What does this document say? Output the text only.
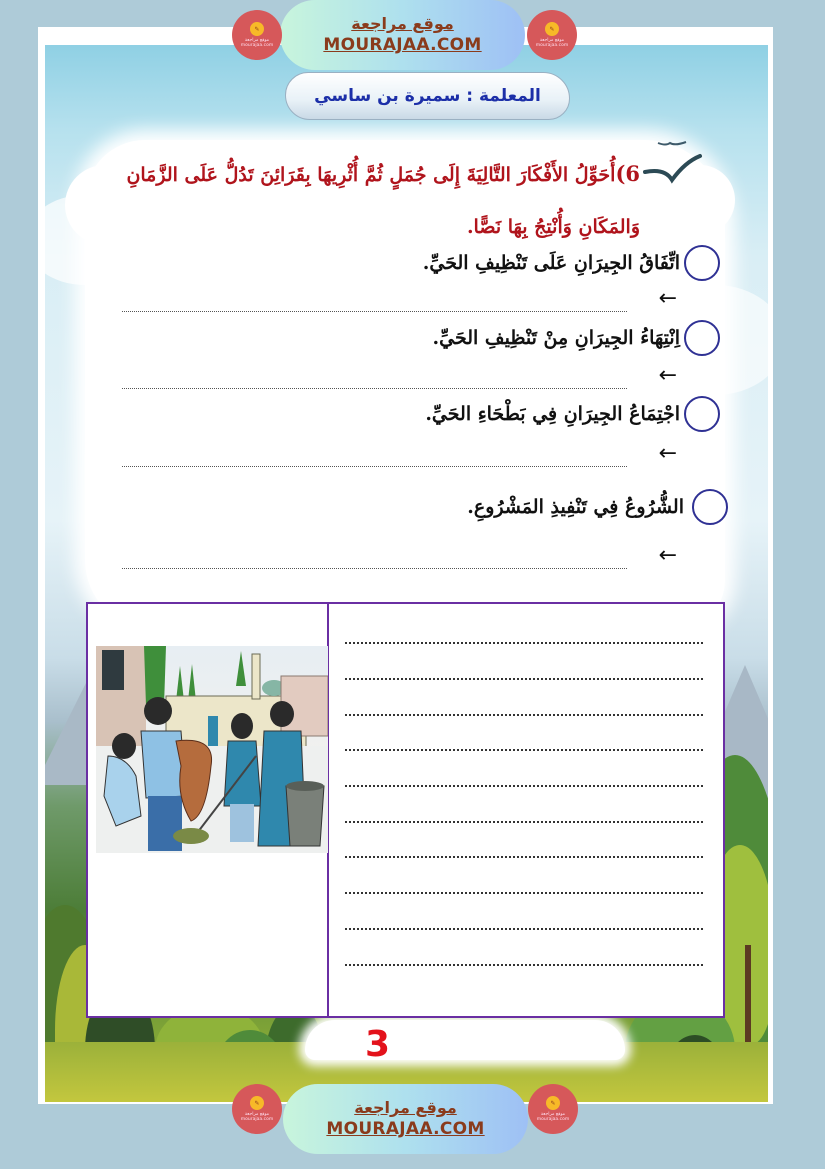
موقع مراجعة
MOURAJAA.COM
✎
موقع مراجعة
mourajaa.com
✎
موقع مراجعة
mourajaa.com
المعلمة : سميرة بن ساسي
6)أُحَوِّلُ الأَفْكَارَ التَّالِيَةَ إِلَى جُمَلٍ ثُمَّ أُثْرِيهَا بِقَرَائِنَ تَدُلُّ عَلَى الزَّمَانِ وَالمَكَانِ وَأُنْتِجُ بِهَا نَصًّا.
اتِّفَاقُ الجِيرَانِ عَلَى تَنْظِيفِ الحَيِّ.
←
اِنْتِهَاءُ الجِيرَانِ مِنْ تَنْظِيفِ الحَيِّ.
←
اجْتِمَاعُ الجِيرَانِ فِي بَطْحَاءِ الحَيِّ.
←
الشُّرُوعُ فِي تَنْفِيذِ المَشْرُوعِ.
←
3
موقع مراجعة
MOURAJAA.COM
✎
موقع مراجعة
mourajaa.com
✎
موقع مراجعة
mourajaa.com
